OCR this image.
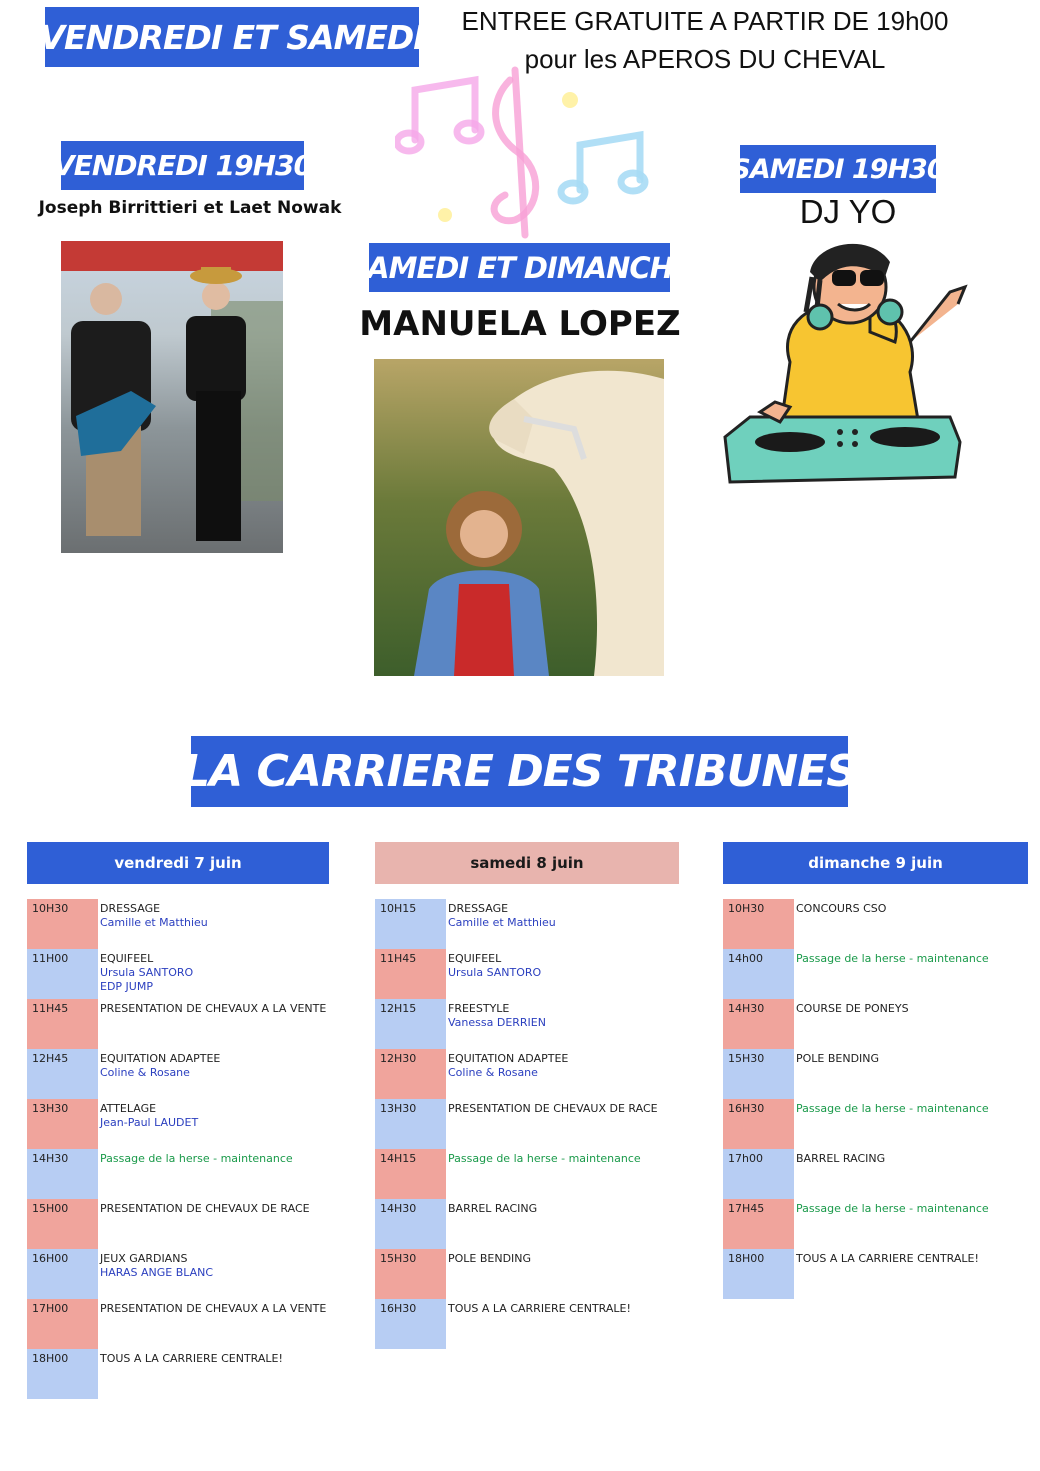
VENDREDI ET SAMEDI	ENTREE GRATUITE A PARTIR DE 19h00
pour les APEROS DU CHEVAL
VENDREDI 19H30
Joseph Birrittieri et Laet Nowak
SAMEDI ET DIMANCHE
MANUELA LOPEZ
SAMEDI 19H30
DJ YO
LA CARRIERE DES TRIBUNES
vendredi 7 juin
10H30	DRESSAGE
Camille et Matthieu
11H00	EQUIFEEL
Ursula SANTORO
EDP JUMP
11H45	PRESENTATION DE CHEVAUX A LA VENTE
12H45	EQUITATION ADAPTEE
Coline & Rosane
13H30	ATTELAGE
Jean-Paul LAUDET
14H30	Passage de la herse - maintenance
15H00	PRESENTATION DE CHEVAUX DE RACE
16H00	JEUX GARDIANS
HARAS ANGE BLANC
17H00	PRESENTATION DE CHEVAUX A LA VENTE
18H00	TOUS A LA CARRIERE CENTRALE!
samedi 8 juin
10H15	DRESSAGE
Camille et Matthieu
11H45	EQUIFEEL
Ursula SANTORO
12H15	FREESTYLE
Vanessa DERRIEN
12H30	EQUITATION ADAPTEE
Coline & Rosane
13H30	PRESENTATION DE CHEVAUX DE RACE
14H15	Passage de la herse - maintenance
14H30	BARREL RACING
15H30	POLE BENDING
16H30	TOUS A LA CARRIERE CENTRALE!
dimanche 9 juin
10H30	CONCOURS CSO
14h00	Passage de la herse - maintenance
14H30	COURSE DE PONEYS
15H30	POLE BENDING
16H30	Passage de la herse - maintenance
17h00	BARREL RACING
17H45	Passage de la herse - maintenance
18H00	TOUS A LA CARRIERE CENTRALE!
